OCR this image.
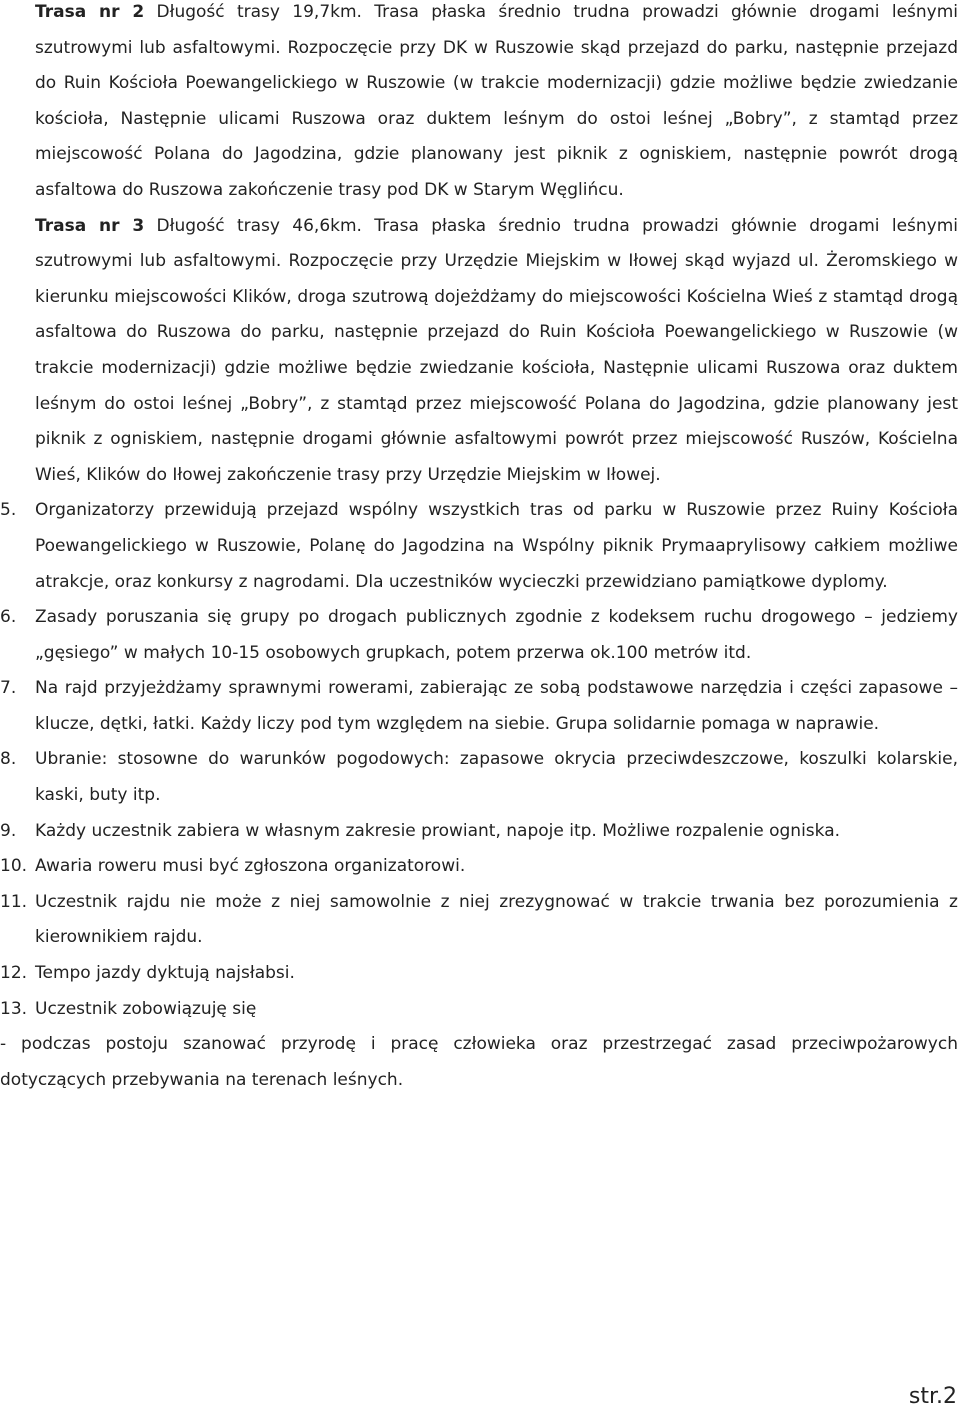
Trasa nr 2 Długość trasy 19,7km. Trasa płaska średnio trudna prowadzi głównie drogami leśnymi szutrowymi lub asfaltowymi. Rozpoczęcie przy DK w Ruszowie skąd przejazd do parku, następnie przejazd do Ruin Kościoła Poewangelickiego w Ruszowie (w trakcie modernizacji) gdzie możliwe będzie zwiedzanie kościoła, Następnie ulicami Ruszowa oraz duktem leśnym do ostoi leśnej „Bobry”, z stamtąd przez miejscowość Polana do Jagodzina, gdzie planowany jest piknik z ogniskiem, następnie powrót drogą asfaltowa do Ruszowa zakończenie trasy pod DK w Starym Węglińcu.

Trasa nr 3 Długość trasy 46,6km. Trasa płaska średnio trudna prowadzi głównie drogami leśnymi szutrowymi lub asfaltowymi. Rozpoczęcie przy Urzędzie Miejskim w Iłowej skąd wyjazd ul. Żeromskiego w kierunku miejscowości Klików, droga szutrową dojeżdżamy do miejscowości Kościelna Wieś z stamtąd drogą asfaltowa do Ruszowa do parku, następnie przejazd do Ruin Kościoła Poewangelickiego w Ruszowie (w trakcie modernizacji) gdzie możliwe będzie zwiedzanie kościoła, Następnie ulicami Ruszowa oraz duktem leśnym do ostoi leśnej „Bobry”, z stamtąd przez miejscowość Polana do Jagodzina, gdzie planowany jest piknik z ogniskiem, następnie drogami głównie asfaltowymi powrót przez miejscowość Ruszów, Kościelna Wieś, Klików do Iłowej zakończenie trasy przy Urzędzie Miejskim w Iłowej.

5.	Organizatorzy przewidują przejazd wspólny wszystkich tras od parku w Ruszowie przez Ruiny Kościoła Poewangelickiego w Ruszowie, Polanę do Jagodzina na Wspólny piknik Prymaaprylisowy całkiem możliwe atrakcje, oraz konkursy z nagrodami. Dla uczestników wycieczki przewidziano pamiątkowe dyplomy.
6.	Zasady poruszania się grupy po drogach publicznych zgodnie z kodeksem ruchu drogowego – jedziemy „gęsiego” w małych 10-15 osobowych grupkach, potem przerwa ok.100 metrów itd.
7.	Na rajd przyjeżdżamy sprawnymi rowerami, zabierając ze sobą podstawowe narzędzia i części zapasowe – klucze, dętki, łatki. Każdy liczy pod tym względem na siebie. Grupa solidarnie pomaga w naprawie.
8.	Ubranie: stosowne do warunków pogodowych: zapasowe okrycia przeciwdeszczowe, koszulki kolarskie, kaski, buty itp.
9.	Każdy uczestnik zabiera w własnym zakresie prowiant, napoje itp. Możliwe rozpalenie ogniska.
10. Awaria roweru musi być zgłoszona organizatorowi.
11. Uczestnik rajdu nie może z niej samowolnie z niej zrezygnować w trakcie trwania bez porozumienia z kierownikiem rajdu.
12. Tempo jazdy dyktują najsłabsi.
13. Uczestnik zobowiązuję się

- podczas postoju szanować przyrodę i pracę człowieka oraz przestrzegać zasad przeciwpożarowych dotyczących przebywania na terenach leśnych.

str.2
